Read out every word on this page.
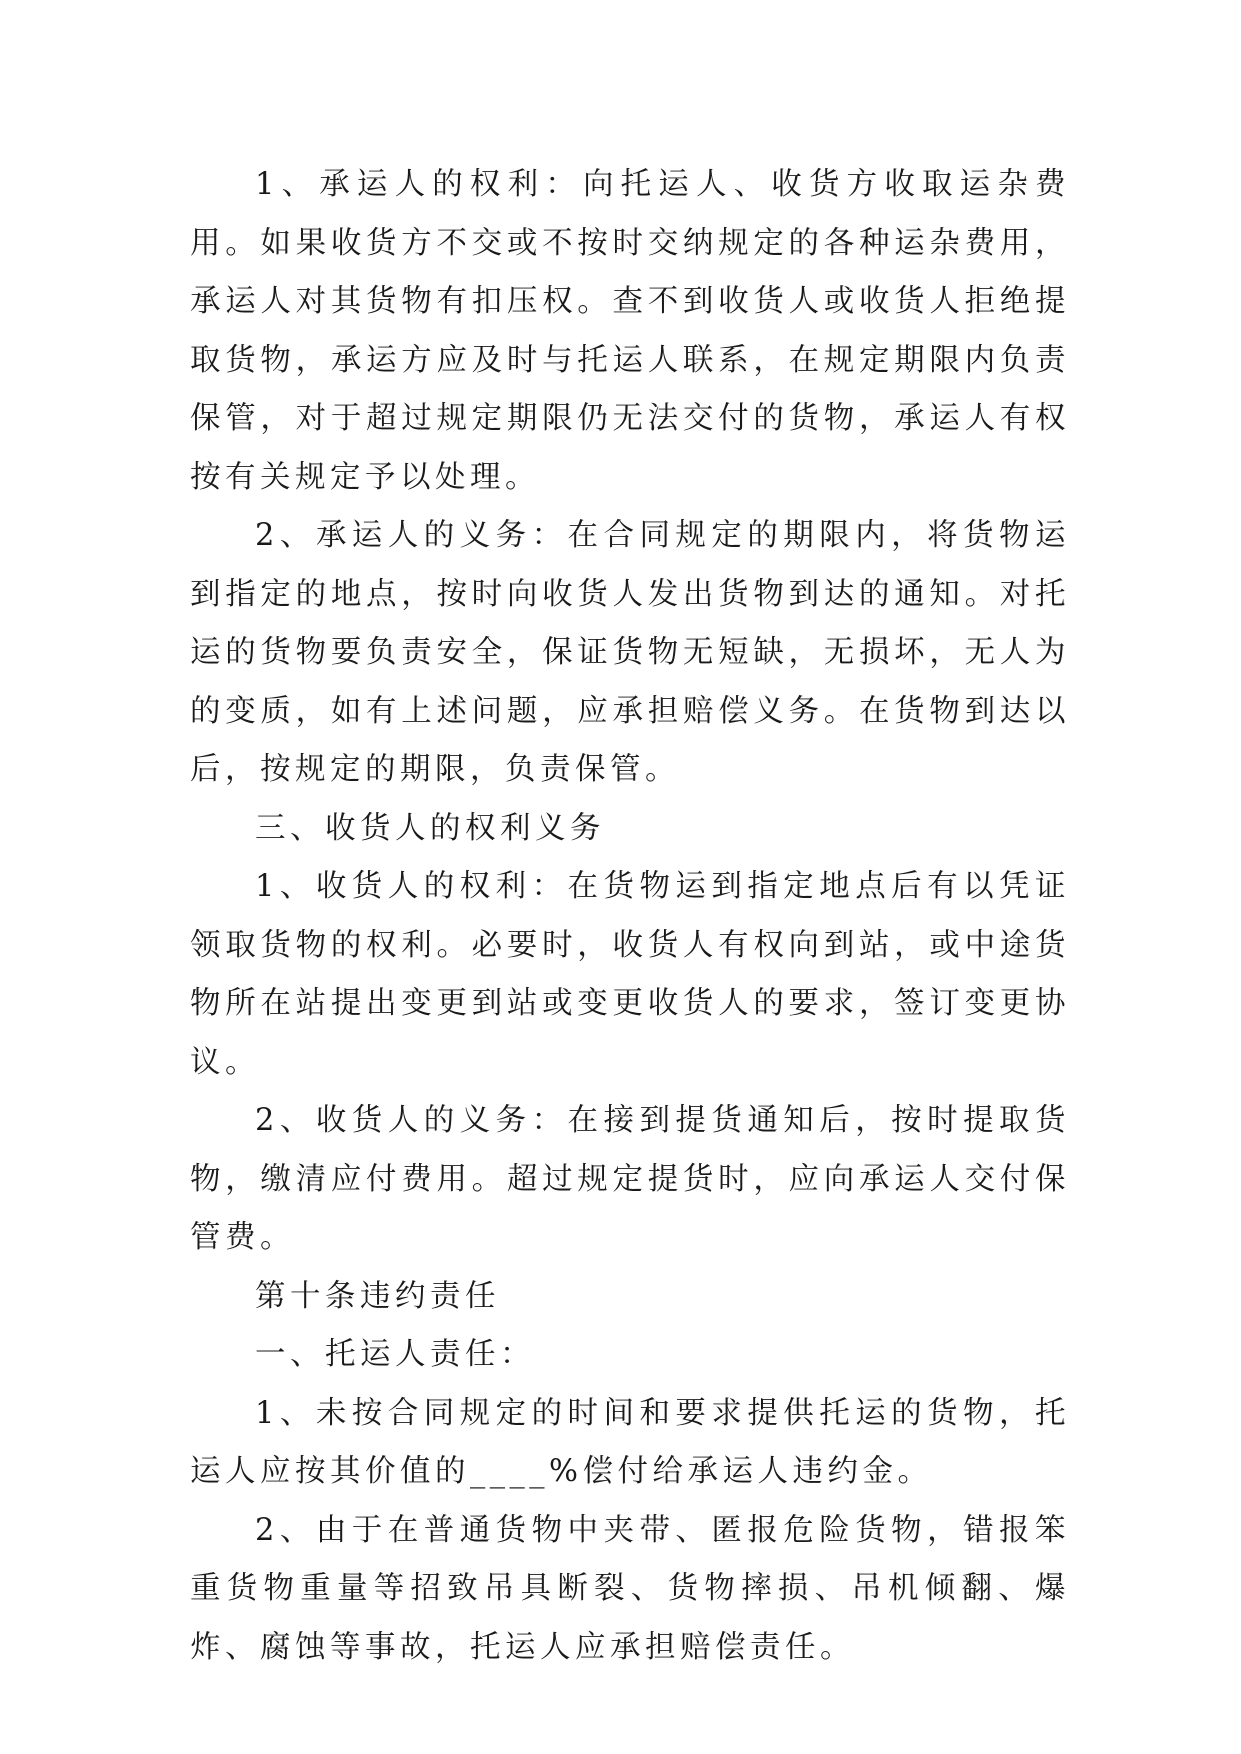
1、承运人的权利：向托运人、收货方收取运杂费用。如果收货方不交或不按时交纳规定的各种运杂费用，承运人对其货物有扣压权。查不到收货人或收货人拒绝提取货物，承运方应及时与托运人联系，在规定期限内负责保管，对于超过规定期限仍无法交付的货物，承运人有权按有关规定予以处理。

2、承运人的义务：在合同规定的期限内，将货物运到指定的地点，按时向收货人发出货物到达的通知。对托运的货物要负责安全，保证货物无短缺，无损坏，无人为的变质，如有上述问题，应承担赔偿义务。在货物到达以后，按规定的期限，负责保管。

三、收货人的权利义务

1、收货人的权利：在货物运到指定地点后有以凭证领取货物的权利。必要时，收货人有权向到站，或中途货物所在站提出变更到站或变更收货人的要求，签订变更协议。

2、收货人的义务：在接到提货通知后，按时提取货物，缴清应付费用。超过规定提货时，应向承运人交付保管费。

第十条违约责任

一、托运人责任：

1、未按合同规定的时间和要求提供托运的货物，托运人应按其价值的____%偿付给承运人违约金。

2、由于在普通货物中夹带、匿报危险货物，错报笨重货物重量等招致吊具断裂、货物摔损、吊机倾翻、爆炸、腐蚀等事故，托运人应承担赔偿责任。
